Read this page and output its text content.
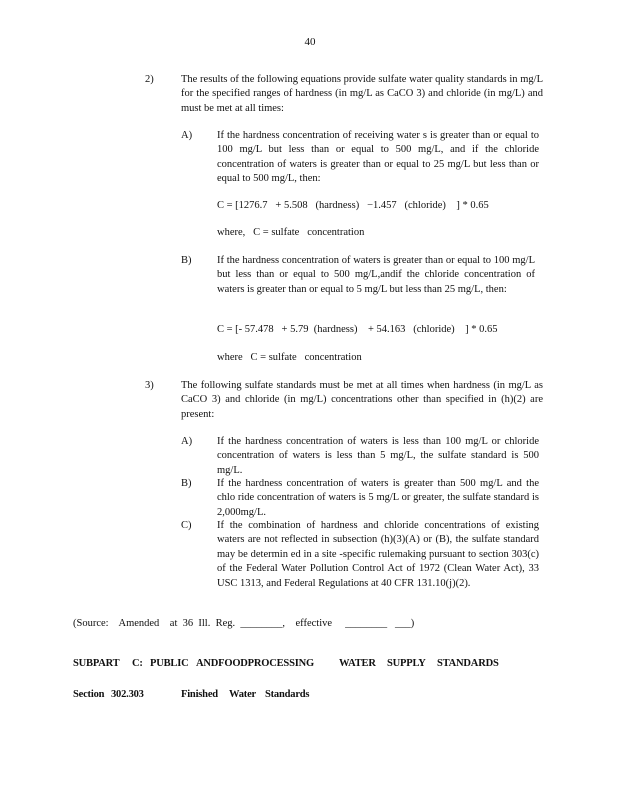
40
2)	The results of the following equations provide sulfate water quality standards in mg/L for the specified ranges of hardness (in mg/L as CaCO 3) and chloride (in mg/L) and must be met at all times:
A)	If the hardness concentration of receiving water s is greater than or equal to 100 mg/L but less than or equal to 500 mg/L, and if the chloride concentration of waters is greater than or equal to 25 mg/L but less than or equal to 500 mg/L, then:
C = [1276.7   + 5.508   (hardness)   −1.457   (chloride)    ] * 0.65
where,   C = sulfate   concentration
B)	If the hardness concentration of waters is greater than or equal to 100 mg/L but less than or equal to 500 mg/L,andif the chloride concentration of waters is greater than or equal to 5 mg/L but less than 25 mg/L, then:
C = [- 57.478   + 5.79  (hardness)    + 54.163   (chloride)    ] * 0.65
where   C = sulfate   concentration
3)	The following sulfate standards must be met at all times when hardness (in mg/L as CaCO 3) and chloride (in mg/L) concentrations other than specified in (h)(2) are present:
A)	If the hardness concentration of waters is less than 100 mg/L or chloride concentration of waters is less than 5 mg/L, the sulfate standard is 500 mg/L.
B)	If the hardness concentration of waters is greater than 500 mg/L and the chlo ride concentration of waters is 5 mg/L or greater, the sulfate standard is 2,000mg/L.
C)	If the combination of hardness and chloride concentrations of existing waters are not reflected in subsection (h)(3)(A) or (B), the sulfate standard may be determin ed in a site -specific rulemaking pursuant to section 303(c) of the Federal Water Pollution Control Act of 1972 (Clean Water Act), 33 USC 1313, and Federal Regulations at 40 CFR 131.10(j)(2).
(Source:    Amended    at  36  Ill.  Reg.  ________,    effective     ________   ___)
SUBPART C: PUBLIC ANDFOODPROCESSING WATER SUPPLY STANDARDS
Section 302.303	Finished Water Standards
